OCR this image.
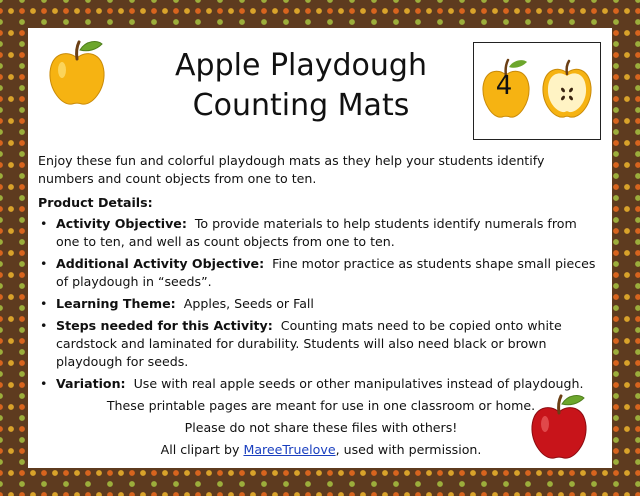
Apple Playdough
Counting Mats
4

Enjoy these fun and colorful playdough mats as they help your students identify numbers and count objects from one to ten.

Product Details:

• Activity Objective: To provide materials to help students identify numerals from one to ten, and well as count objects from one to ten.
• Additional Activity Objective: Fine motor practice as students shape small pieces of playdough in “seeds”.
• Learning Theme: Apples, Seeds or Fall
• Steps needed for this Activity: Counting mats need to be copied onto white cardstock and laminated for durability. Students will also need black or brown playdough for seeds.
• Variation: Use with real apple seeds or other manipulatives instead of playdough.

These printable pages are meant for use in one classroom or home.

Please do not share these files with others!

All clipart by MareeTruelove, used with permission.
